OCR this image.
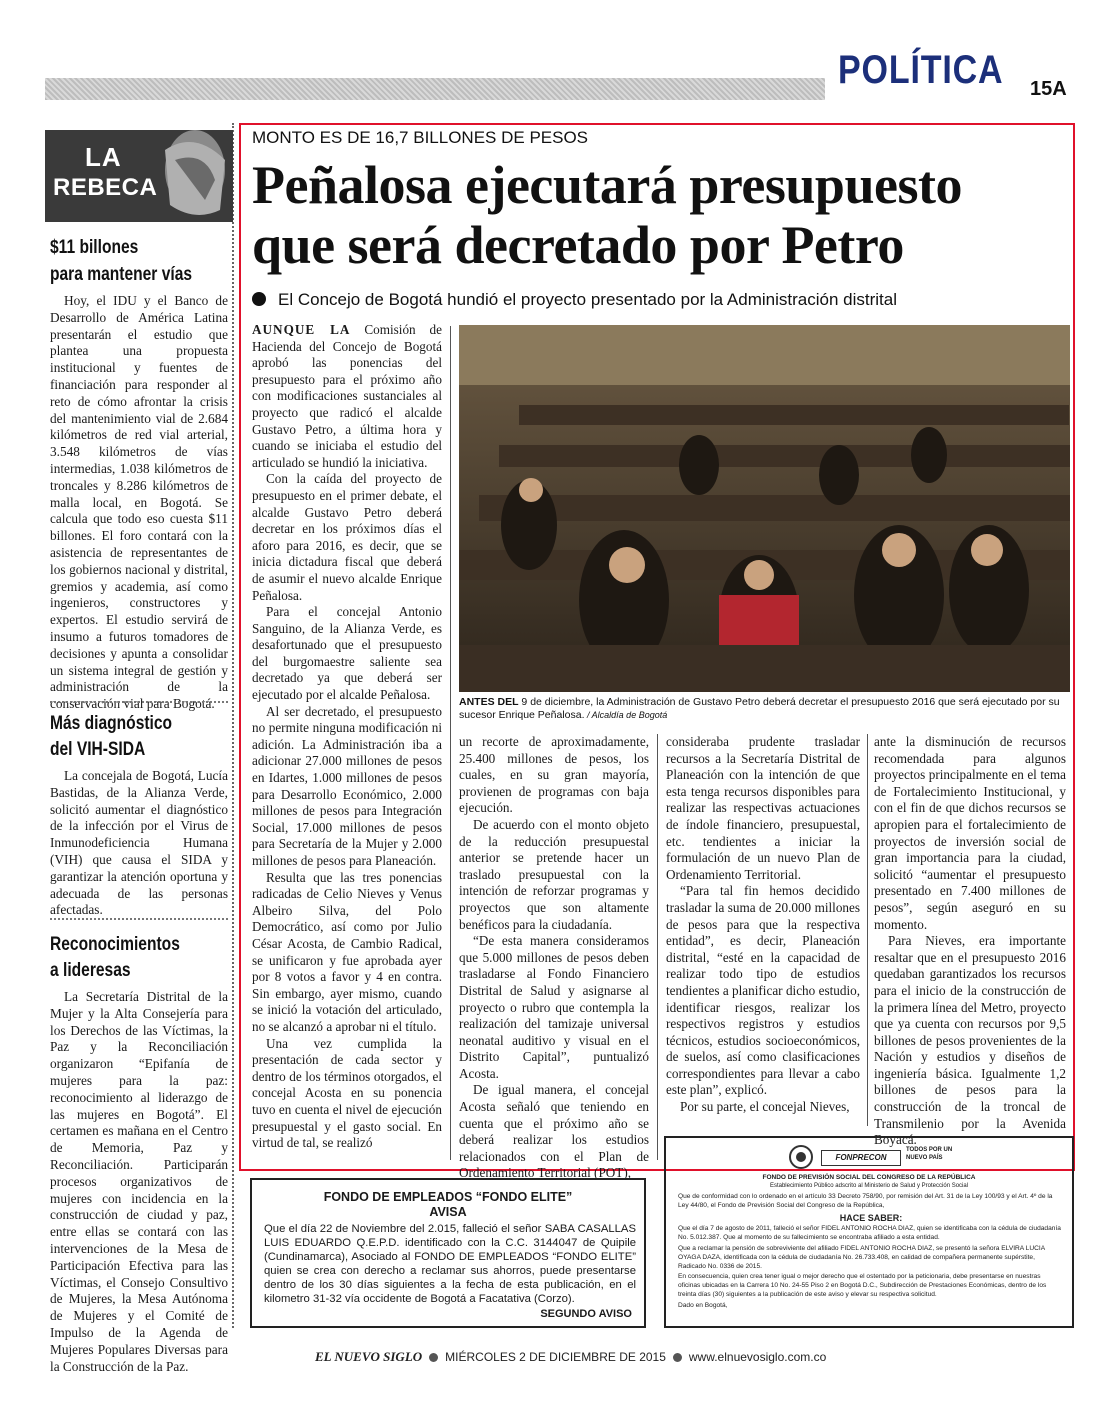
POLÍTICA 15A
LA
REBECA
$11 billones
para mantener vías
Hoy, el IDU y el Banco de Desarrollo de América Latina presentarán el estudio que plantea una propuesta institucional y fuentes de financiación para responder al reto de cómo afrontar la crisis del mantenimiento vial de 2.684 kilómetros de red vial arterial, 3.548 kilómetros de vías intermedias, 1.038 kilómetros de troncales y 8.286 kilómetros de malla local, en Bogotá. Se calcula que todo eso cuesta $11 billones. El foro contará con la asistencia de representantes de los gobiernos nacional y distrital, gremios y academia, así como ingenieros, constructores y expertos. El estudio servirá de insumo a futuros tomadores de decisiones y apunta a consolidar un sistema integral de gestión y administración de la conservación vial para Bogotá.
Más diagnóstico
del VIH-SIDA
La concejala de Bogotá, Lucía Bastidas, de la Alianza Verde, solicitó aumentar el diagnóstico de la infección por el Virus de Inmunodeficiencia Humana (VIH) que causa el SIDA y garantizar la atención oportuna y adecuada de las personas afectadas.
Reconocimientos
a lideresas
La Secretaría Distrital de la Mujer y la Alta Consejería para los Derechos de las Víctimas, la Paz y la Reconciliación organizaron “Epifanía de mujeres para la paz: reconocimiento al liderazgo de las mujeres en Bogotá”. El certamen es mañana en el Centro de Memoria, Paz y Reconciliación. Participarán procesos organizativos de mujeres con incidencia en la construcción de ciudad y paz, entre ellas se contará con las intervenciones de la Mesa de Participación Efectiva para las Víctimas, el Consejo Consultivo de Mujeres, la Mesa Autónoma de Mujeres y el Comité de Impulso de la Agenda de Mujeres Populares Diversas para la Construcción de la Paz.
MONTO ES DE 16,7 BILLONES DE PESOS
Peñalosa ejecutará presupuesto
que será decretado por Petro
El Concejo de Bogotá hundió el proyecto presentado por la Administración distrital

AUNQUE LA Comisión de Hacienda del Concejo de Bogotá aprobó las ponencias del presupuesto para el próximo año con modificaciones sustanciales al proyecto que radicó el alcalde Gustavo Petro, a última hora y cuando se iniciaba el estudio del articulado se hundió la iniciativa.

Con la caída del proyecto de presupuesto en el primer debate, el alcalde Gustavo Petro deberá decretar en los próximos días el aforo para 2016, es decir, que se inicia dictadura fiscal que deberá de asumir el nuevo alcalde Enrique Peñalosa.

Para el concejal Antonio Sanguino, de la Alianza Verde, es desafortunado que el presupuesto del burgomaestre saliente sea decretado ya que deberá ser ejecutado por el alcalde Peñalosa.

Al ser decretado, el presupuesto no permite ninguna modificación ni adición. La Administración iba a adicionar 27.000 millones de pesos en Idartes, 1.000 millones de pesos para Desarrollo Económico, 2.000 millones de pesos para Integración Social, 17.000 millones de pesos para Secretaría de la Mujer y 2.000 millones de pesos para Planeación.

Resulta que las tres ponencias radicadas de Celio Nieves y Venus Albeiro Silva, del Polo Democrático, así como por Julio César Acosta, de Cambio Radical, se unificaron y fue aprobada ayer por 8 votos a favor y 4 en contra. Sin embargo, ayer mismo, cuando se inició la votación del articulado, no se alcanzó a aprobar ni el título.

Una vez cumplida la presentación de cada sector y dentro de los términos otorgados, el concejal Acosta en su ponencia tuvo en cuenta el nivel de ejecución presupuestal y el gasto social. En virtud de tal, se realizó

ANTES DEL 9 de diciembre, la Administración de Gustavo Petro deberá decretar el presupuesto 2016 que será ejecutado por su sucesor Enrique Peñalosa. / Alcaldía de Bogotá

un recorte de aproximadamente, 25.400 millones de pesos, los cuales, en su gran mayoría, provienen de programas con baja ejecución.

De acuerdo con el monto objeto de la reducción presupuestal anterior se pretende hacer un traslado presupuestal con la intención de reforzar programas y proyectos que son altamente benéficos para la ciudadanía.

“De esta manera consideramos que 5.000 millones de pesos deben trasladarse al Fondo Financiero Distrital de Salud y asignarse al proyecto o rubro que contempla la realización del tamizaje universal neonatal auditivo y visual en el Distrito Capital”, puntualizó Acosta.

De igual manera, el concejal Acosta señaló que teniendo en cuenta que el próximo año se deberá realizar los estudios relacionados con el Plan de Ordenamiento Territorial (POT),

consideraba prudente trasladar recursos a la Secretaría Distrital de Planeación con la intención de que esta tenga recursos disponibles para realizar las respectivas actuaciones de índole financiero, presupuestal, etc. tendientes a iniciar la formulación de un nuevo Plan de Ordenamiento Territorial.

“Para tal fin hemos decidido trasladar la suma de 20.000 millones de pesos para que la respectiva entidad”, es decir, Planeación distrital, “esté en la capacidad de realizar todo tipo de estudios tendientes a planificar dicho estudio, identificar riesgos, realizar los respectivos registros y estudios técnicos, estudios socioeconómicos, de suelos, así como clasificaciones correspondientes para llevar a cabo este plan”, explicó.

Por su parte, el concejal Nieves,

ante la disminución de recursos recomendada para algunos proyectos principalmente en el tema de Fortalecimiento Institucional, y con el fin de que dichos recursos se apropien para el fortalecimiento de proyectos de inversión social de gran importancia para la ciudad, solicitó “aumentar el presupuesto presentado en 7.400 millones de pesos”, según aseguró en su momento.

Para Nieves, era importante resaltar que en el presupuesto 2016 quedaban garantizados los recursos para el inicio de la construcción de la primera línea del Metro, proyecto que ya cuenta con recursos por 9,5 billones de pesos provenientes de la Nación y estudios y diseños de ingeniería básica. Igualmente 1,2 billones de pesos para la construcción de la troncal de Transmilenio por la Avenida Boyacá.

FONDO DE EMPLEADOS “FONDO ELITE”
AVISA
Que el día 22 de Noviembre del 2.015, falleció el señor SABA CASALLAS LUIS EDUARDO Q.E.P.D. identificado con la C.C. 3144047 de Quipile (Cundinamarca), Asociado al FONDO DE EMPLEADOS “FONDO ELITE” quien se crea con derecho a reclamar sus ahorros, puede presentarse dentro de los 30 días siguientes a la fecha de esta publicación, en el kilometro 31-32 vía occidente de Bogotá a Facatativa (Corzo).
SEGUNDO AVISO
FONPRECON
TODOS POR UN NUEVO PAÍS
FONDO DE PREVISIÓN SOCIAL DEL CONGRESO DE LA REPÚBLICA
Establecimiento Público adscrito al Ministerio de Salud y Protección Social
Que de conformidad con lo ordenado en el artículo 33 Decreto 758/90, por remisión del Art. 31 de la Ley 100/93 y el Art. 4º de la Ley 44/80, el Fondo de Previsión Social del Congreso de la República,
HACE SABER:
Que el día 7 de agosto de 2011, falleció el señor FIDEL ANTONIO ROCHA DIAZ, quien se identificaba con la cédula de ciudadanía No. 5.012.387. Que al momento de su fallecimiento se encontraba afiliado a esta entidad.
Que a reclamar la pensión de sobreviviente del afiliado FIDEL ANTONIO ROCHA DIAZ, se presentó la señora ELVIRA LUCIA OYAGA DAZA, identificada con la cédula de ciudadanía No. 26.733.408, en calidad de compañera permanente supérstite, Radicado No. 0336 de 2015.
En consecuencia, quien crea tener igual o mejor derecho que el ostentado por la peticionaria, debe presentarse en nuestras oficinas ubicadas en la Carrera 10 No. 24-55 Piso 2 en Bogotá D.C., Subdirección de Prestaciones Económicas, dentro de los treinta días (30) siguientes a la publicación de este aviso y elevar su respectiva solicitud.
Dado en Bogotá,
EL NUEVO SIGLO MIÉRCOLES 2 DE DICIEMBRE DE 2015 www.elnuevosiglo.com.co
